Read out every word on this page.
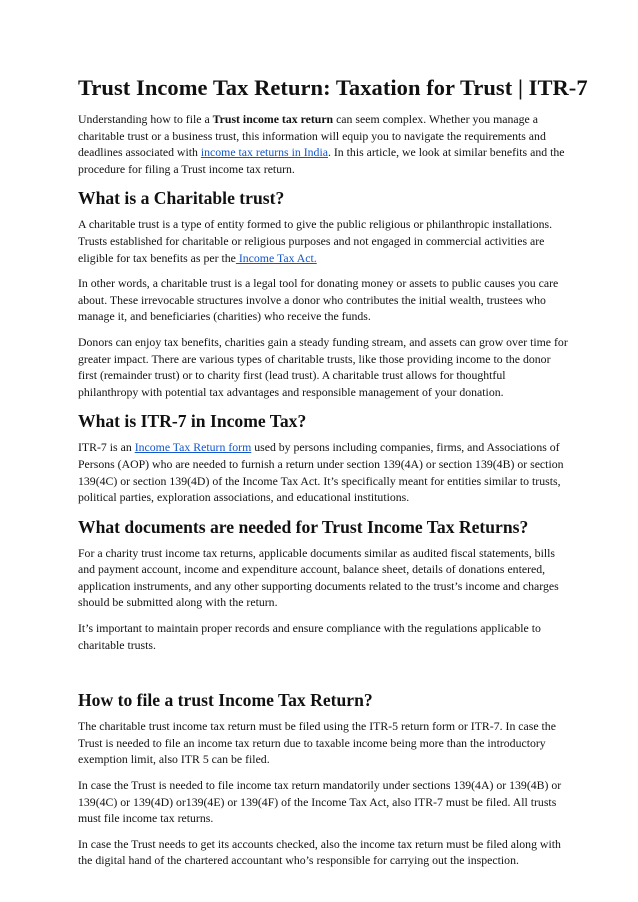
Trust Income Tax Return: Taxation for Trust | ITR-7

Understanding how to file a Trust income tax return can seem complex. Whether you manage a charitable trust or a business trust, this information will equip you to navigate the requirements and deadlines associated with income tax returns in India. In this article, we look at similar benefits and the procedure for filing a Trust income tax return.

What is a Charitable trust?

A charitable trust is a type of entity formed to give the public religious or philanthropic installations. Trusts established for charitable or religious purposes and not engaged in commercial activities are eligible for tax benefits as per the Income Tax Act.

In other words, a charitable trust is a legal tool for donating money or assets to public causes you care about. These irrevocable structures involve a donor who contributes the initial wealth, trustees who manage it, and beneficiaries (charities) who receive the funds.

Donors can enjoy tax benefits, charities gain a steady funding stream, and assets can grow over time for greater impact. There are various types of charitable trusts, like those providing income to the donor first (remainder trust) or to charity first (lead trust). A charitable trust allows for thoughtful philanthropy with potential tax advantages and responsible management of your donation.

What is ITR-7 in Income Tax?

ITR-7 is an Income Tax Return form used by persons including companies, firms, and Associations of Persons (AOP) who are needed to furnish a return under section 139(4A) or section 139(4B) or section 139(4C) or section 139(4D) of the Income Tax Act. It’s specifically meant for entities similar to trusts, political parties, exploration associations, and educational institutions.

What documents are needed for Trust Income Tax Returns?

For a charity trust income tax returns, applicable documents similar as audited fiscal statements, bills and payment account, income and expenditure account, balance sheet, details of donations entered, application instruments, and any other supporting documents related to the trust’s income and charges should be submitted along with the return.

It’s important to maintain proper records and ensure compliance with the regulations applicable to charitable trusts.

How to file a trust Income Tax Return?

The charitable trust income tax return must be filed using the ITR-5 return form or ITR-7. In case the Trust is needed to file an income tax return due to taxable income being more than the introductory exemption limit, also ITR 5 can be filed.

In case the Trust is needed to file income tax return mandatorily under sections 139(4A) or 139(4B) or 139(4C) or 139(4D) or139(4E) or 139(4F) of the Income Tax Act, also ITR-7 must be filed. All trusts must file income tax returns.

In case the Trust needs to get its accounts checked, also the income tax return must be filed along with the digital hand of the chartered accountant who’s responsible for carrying out the inspection.
